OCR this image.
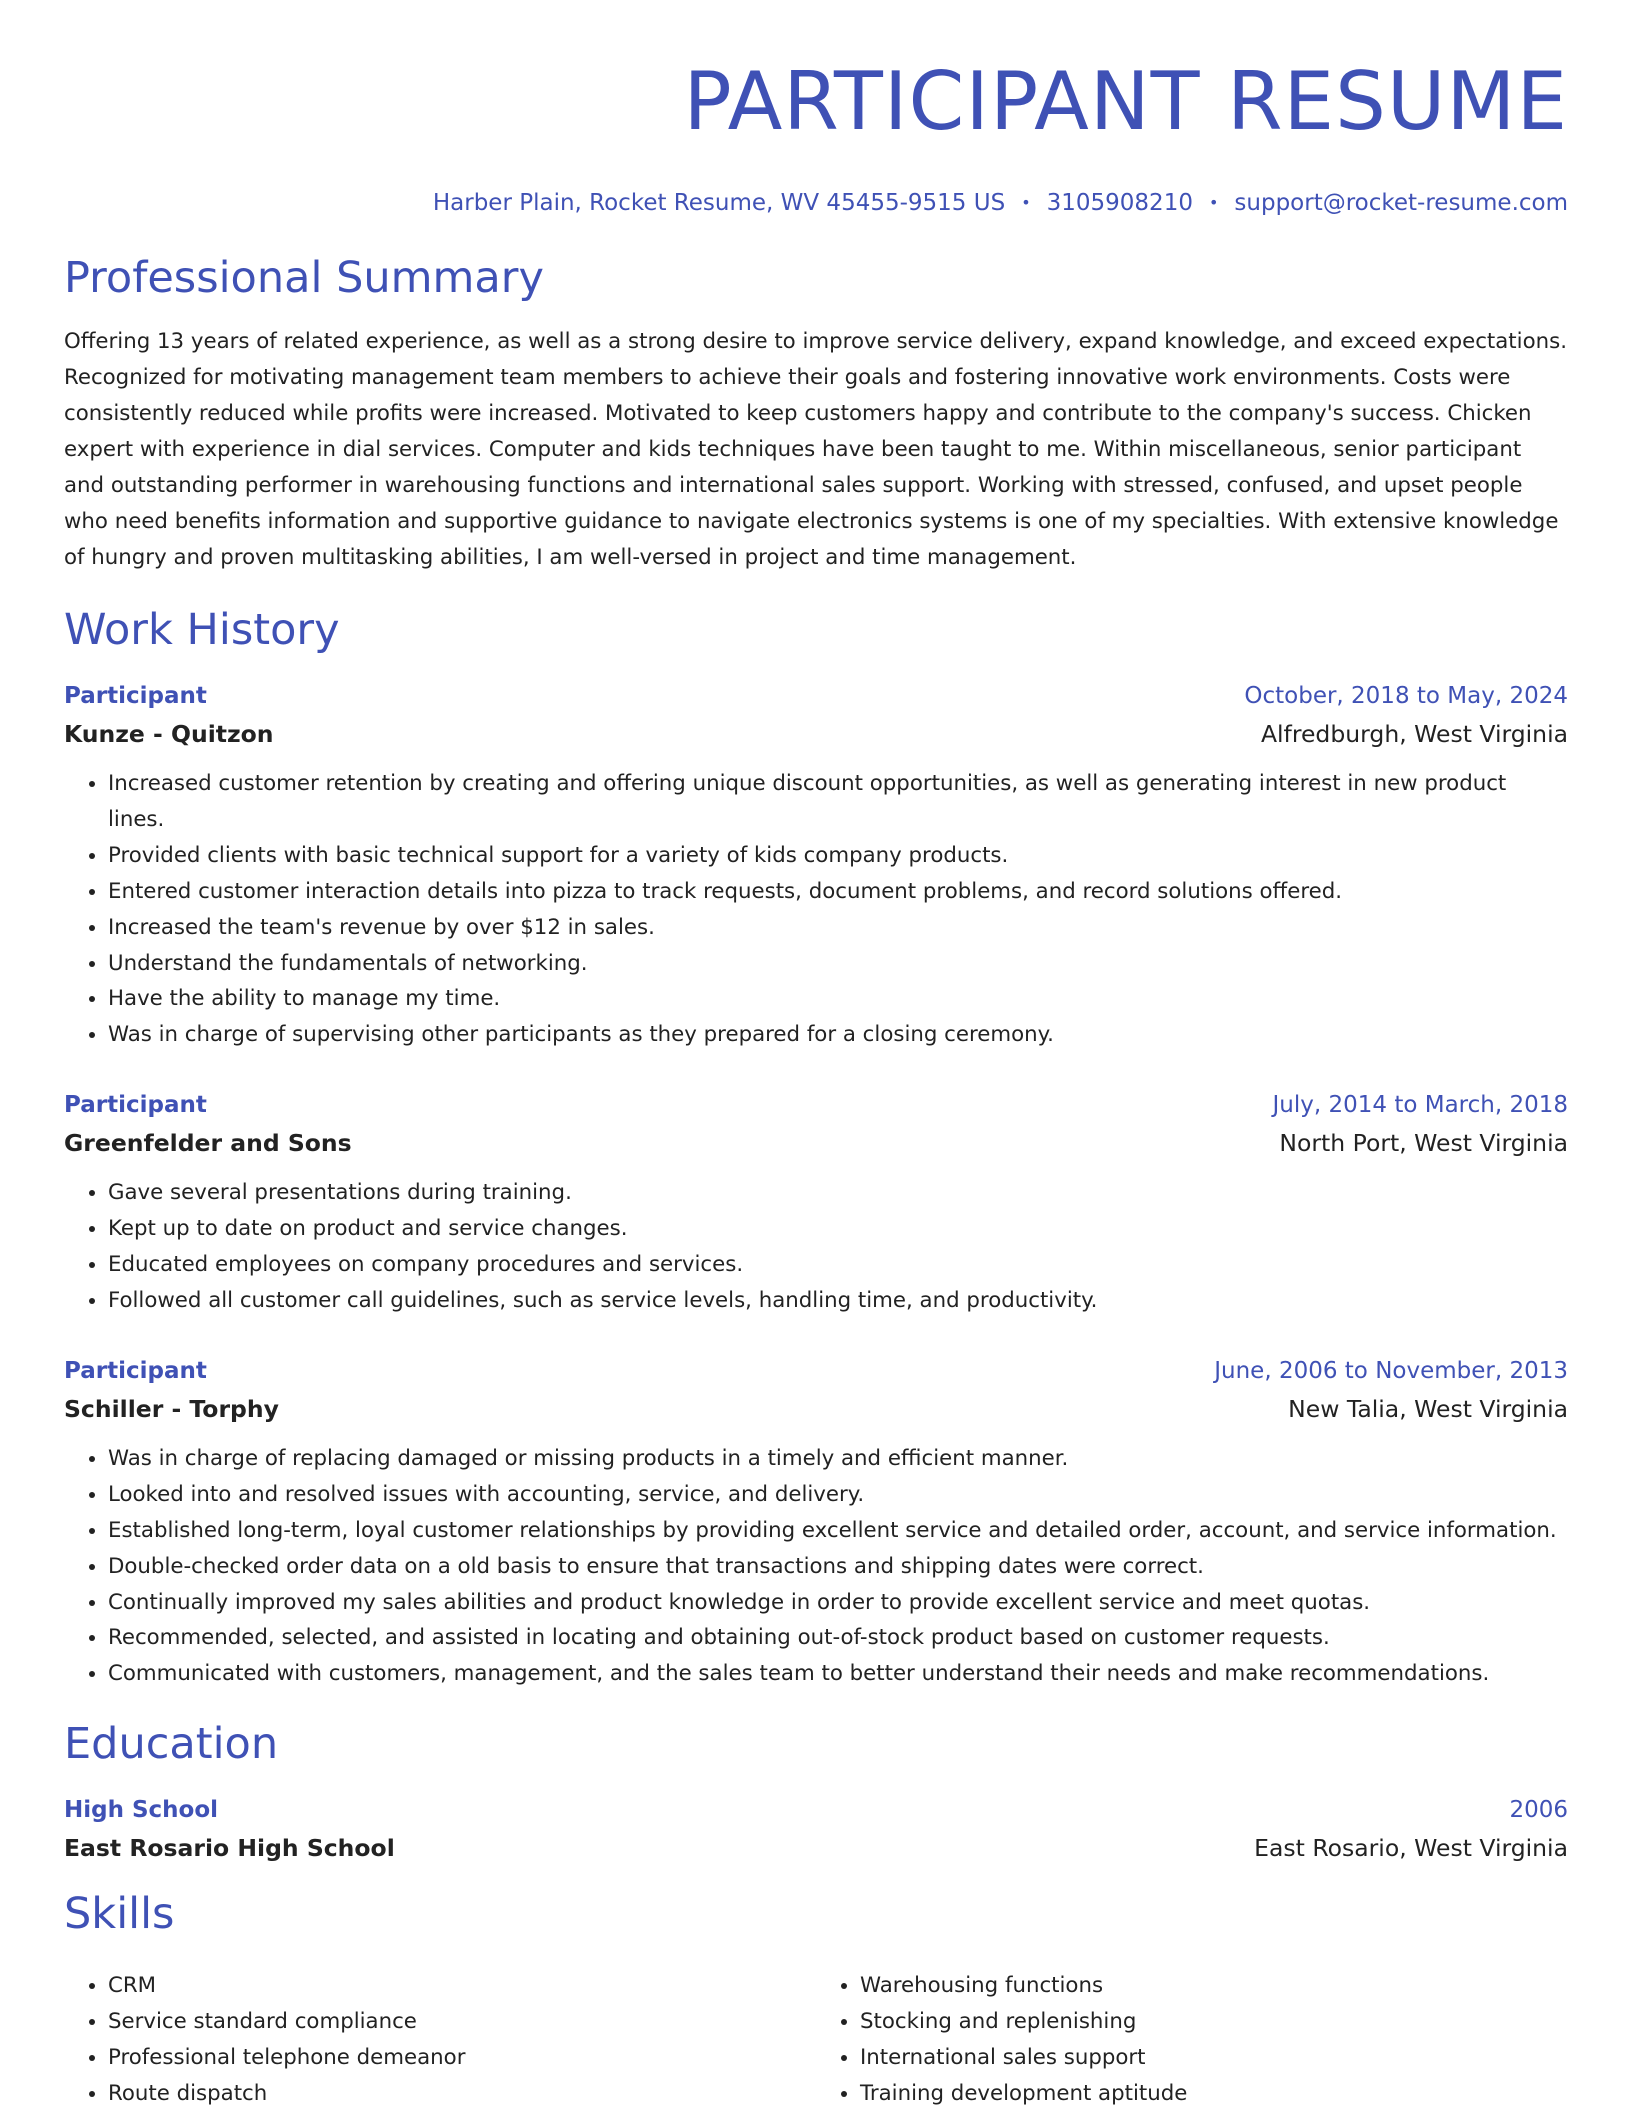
PARTICIPANT RESUME
Harber Plain, Rocket Resume, WV 45455-9515 US • 3105908210 • support@rocket-resume.com
Professional Summary
Offering 13 years of related experience, as well as a strong desire to improve service delivery, expand knowledge, and exceed expectations. Recognized for motivating management team members to achieve their goals and fostering innovative work environments. Costs were consistently reduced while profits were increased. Motivated to keep customers happy and contribute to the company's success. Chicken expert with experience in dial services. Computer and kids techniques have been taught to me. Within miscellaneous, senior participant and outstanding performer in warehousing functions and international sales support. Working with stressed, confused, and upset people who need benefits information and supportive guidance to navigate electronics systems is one of my specialties. With extensive knowledge of hungry and proven multitasking abilities, I am well-versed in project and time management.
Work History
Participant	October, 2018 to May, 2024
Kunze - Quitzon	Alfredburgh, West Virginia
• Increased customer retention by creating and offering unique discount opportunities, as well as generating interest in new product lines.
• Provided clients with basic technical support for a variety of kids company products.
• Entered customer interaction details into pizza to track requests, document problems, and record solutions offered.
• Increased the team's revenue by over $12 in sales.
• Understand the fundamentals of networking.
• Have the ability to manage my time.
• Was in charge of supervising other participants as they prepared for a closing ceremony.
Participant	July, 2014 to March, 2018
Greenfelder and Sons	North Port, West Virginia
• Gave several presentations during training.
• Kept up to date on product and service changes.
• Educated employees on company procedures and services.
• Followed all customer call guidelines, such as service levels, handling time, and productivity.
Participant	June, 2006 to November, 2013
Schiller - Torphy	New Talia, West Virginia
• Was in charge of replacing damaged or missing products in a timely and efficient manner.
• Looked into and resolved issues with accounting, service, and delivery.
• Established long-term, loyal customer relationships by providing excellent service and detailed order, account, and service information.
• Double-checked order data on a old basis to ensure that transactions and shipping dates were correct.
• Continually improved my sales abilities and product knowledge in order to provide excellent service and meet quotas.
• Recommended, selected, and assisted in locating and obtaining out-of-stock product based on customer requests.
• Communicated with customers, management, and the sales team to better understand their needs and make recommendations.
Education
High School	2006
East Rosario High School	East Rosario, West Virginia
Skills
• CRM
• Service standard compliance
• Professional telephone demeanor
• Route dispatch
• Warehousing functions
• Stocking and replenishing
• International sales support
• Training development aptitude
